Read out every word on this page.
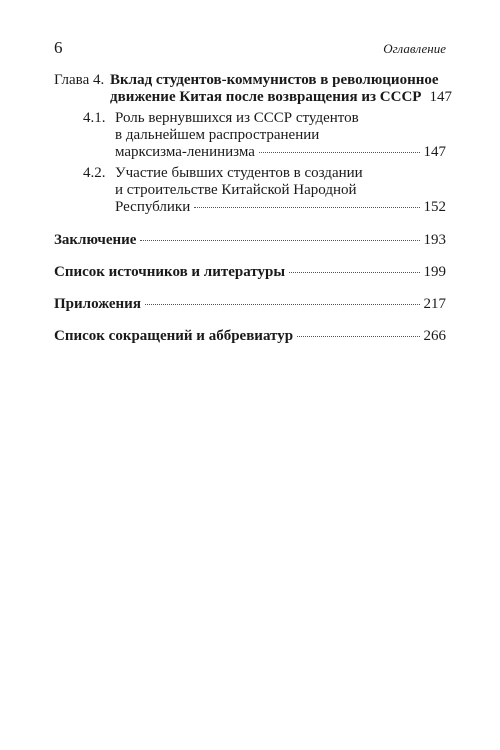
6	Оглавление
Глава 4. Вклад студентов-коммунистов в революционное
движение Китая после возвращения из СССР 147
4.1. Роль вернувшихся из СССР студентов
в дальнейшем распространении
марксизма-ленинизма	147
4.2. Участие бывших студентов в создании
и строительстве Китайской Народной
Республики	152
Заключение	193
Список источников и литературы	199
Приложения	217
Список сокращений и аббревиатур	266
